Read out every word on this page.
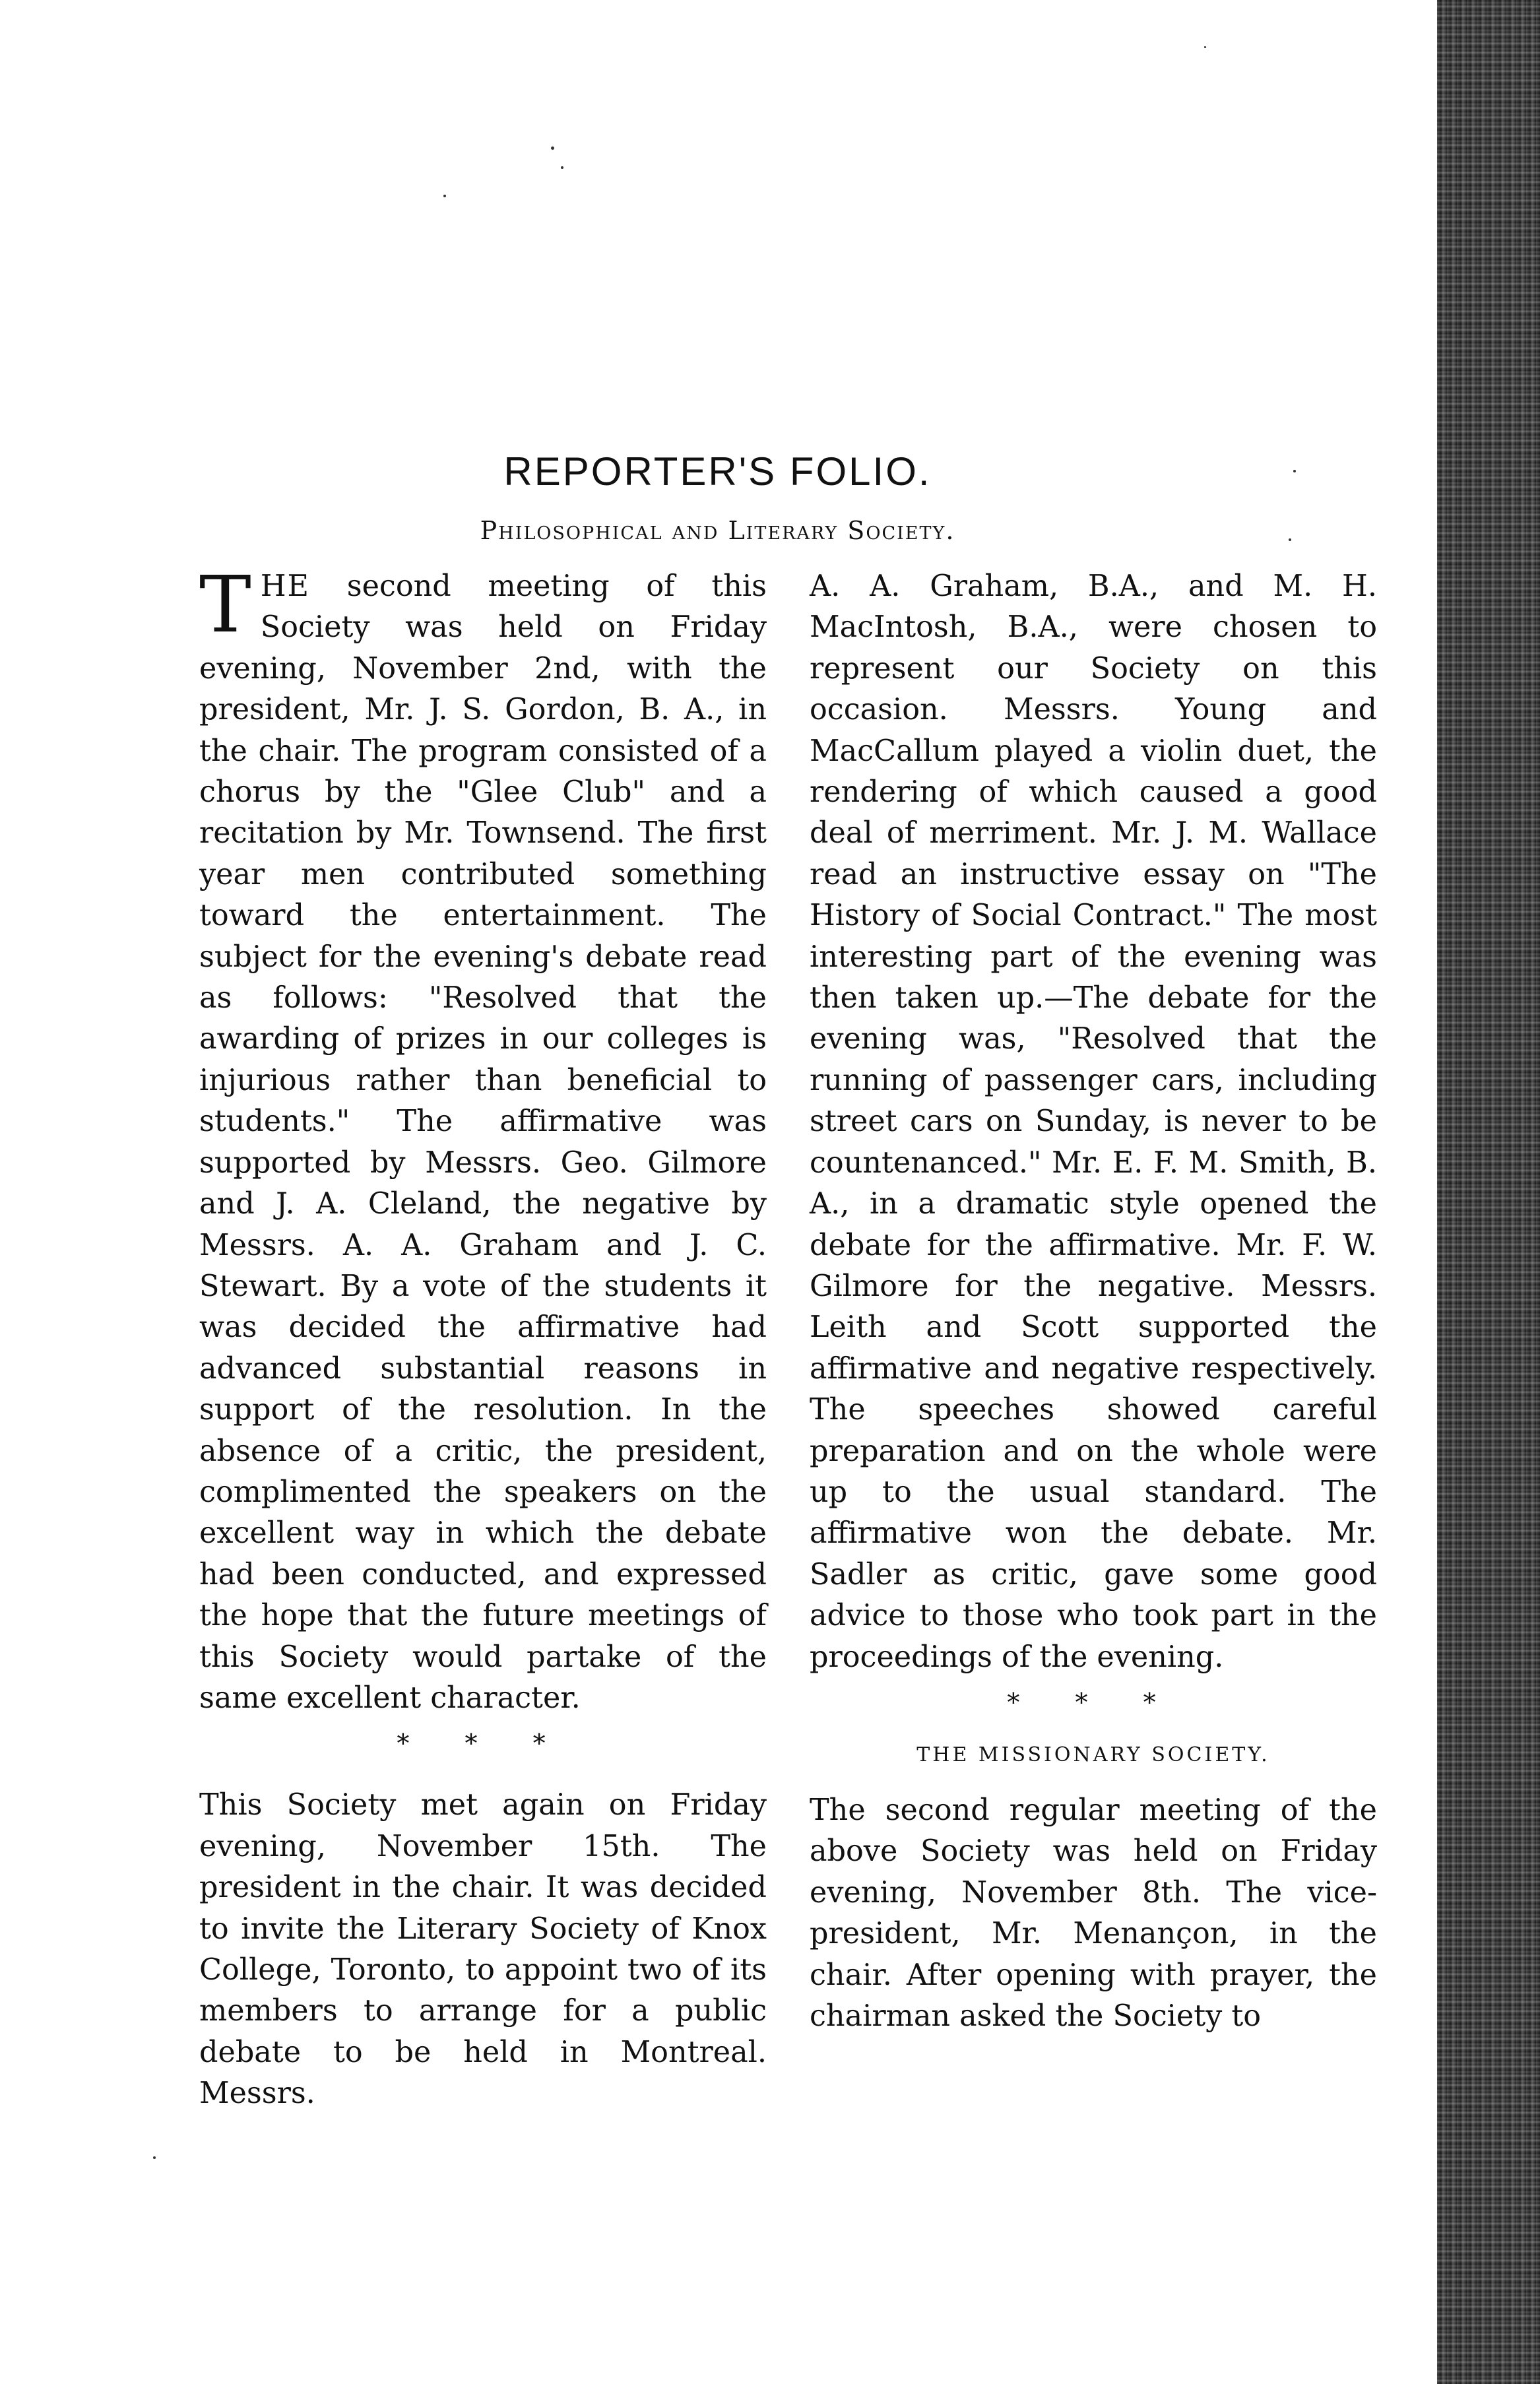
REPORTER'S FOLIO.
Philosophical and Literary Society.

THE second meeting of this Society was held on Friday evening, November 2nd, with the president, Mr. J. S. Gordon, B. A., in the chair. The program consisted of a chorus by the "Glee Club" and a recitation by Mr. Townsend. The first year men contributed something toward the entertainment. The subject for the evening's debate read as follows: "Resolved that the awarding of prizes in our colleges is injurious rather than beneficial to students." The affirmative was supported by Messrs. Geo. Gilmore and J. A. Cleland, the negative by Messrs. A. A. Graham and J. C. Stewart. By a vote of the students it was decided the affirmative had advanced substantial reasons in support of the resolution. In the absence of a critic, the president, complimented the speakers on the excellent way in which the debate had been conducted, and expressed the hope that the future meetings of this Society would partake of the same excellent character.

* * *

This Society met again on Friday evening, November 15th. The president in the chair. It was decided to invite the Literary Society of Knox College, Toronto, to appoint two of its members to arrange for a public debate to be held in Montreal. Messrs.

A. A. Graham, B.A., and M. H. MacIntosh, B.A., were chosen to represent our Society on this occasion. Messrs. Young and MacCallum played a violin duet, the rendering of which caused a good deal of merriment. Mr. J. M. Wallace read an instructive essay on "The History of Social Contract." The most interesting part of the evening was then taken up.—The debate for the evening was, "Resolved that the running of passenger cars, including street cars on Sunday, is never to be countenanced." Mr. E. F. M. Smith, B. A., in a dramatic style opened the debate for the affirmative. Mr. F. W. Gilmore for the negative. Messrs. Leith and Scott supported the affirmative and negative respectively. The speeches showed careful preparation and on the whole were up to the usual standard. The affirmative won the debate. Mr. Sadler as critic, gave some good advice to those who took part in the proceedings of the evening.

* * *
THE MISSIONARY SOCIETY.

The second regular meeting of the above Society was held on Friday evening, November 8th. The vice-president, Mr. Menançon, in the chair. After opening with prayer, the chairman asked the Society to
